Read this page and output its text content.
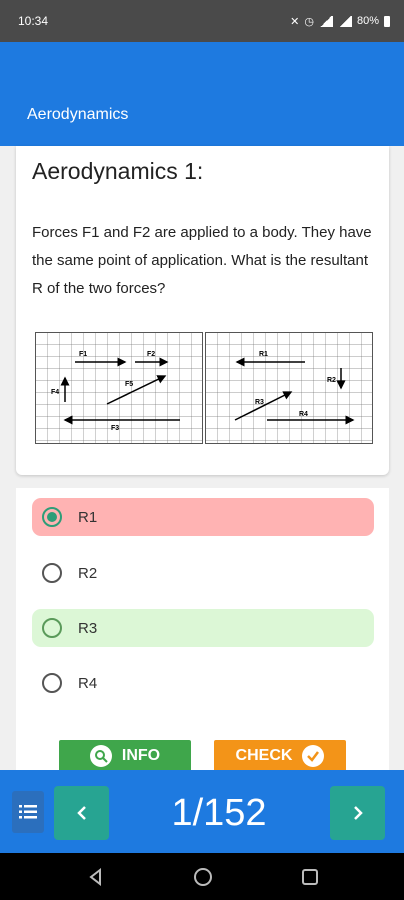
10:34	✕ ◷	80%
Aerodynamics
Aerodynamics 1:
Forces F1 and F2 are applied to a body. They have the same point of application. What is the resultant R of the two forces?
F1	F2
F3
F4
F5
R1
R2
R3
R4
R1
R2
R3
R4
INFO	CHECK
1/152
